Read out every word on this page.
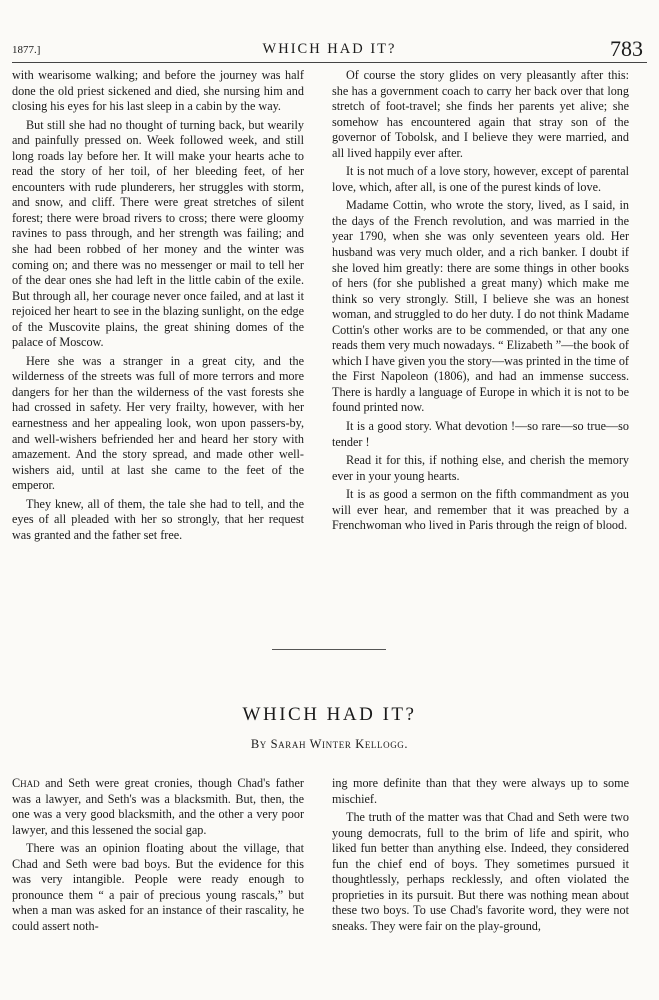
1877.]	WHICH HAD IT?	783

with wearisome walking; and before the journey was half done the old priest sickened and died, she nursing him and closing his eyes for his last sleep in a cabin by the way.

But still she had no thought of turning back, but wearily and painfully pressed on. Week followed week, and still long roads lay before her. It will make your hearts ache to read the story of her toil, of her bleeding feet, of her encounters with rude plunderers, her struggles with storm, and snow, and cliff. There were great stretches of silent forest; there were broad rivers to cross; there were gloomy ravines to pass through, and her strength was failing; and she had been robbed of her money and the winter was coming on; and there was no messenger or mail to tell her of the dear ones she had left in the little cabin of the exile. But through all, her courage never once failed, and at last it rejoiced her heart to see in the blazing sunlight, on the edge of the Muscovite plains, the great shining domes of the palace of Moscow.

Here she was a stranger in a great city, and the wilderness of the streets was full of more terrors and more dangers for her than the wilderness of the vast forests she had crossed in safety. Her very frailty, however, with her earnestness and her appealing look, won upon passers-by, and well-wishers befriended her and heard her story with amazement. And the story spread, and made other well-wishers aid, until at last she came to the feet of the emperor.

They knew, all of them, the tale she had to tell, and the eyes of all pleaded with her so strongly, that her request was granted and the father set free.

Of course the story glides on very pleasantly after this: she has a government coach to carry her back over that long stretch of foot-travel; she finds her parents yet alive; she somehow has encountered again that stray son of the governor of Tobolsk, and I believe they were married, and all lived happily ever after.

It is not much of a love story, however, except of parental love, which, after all, is one of the purest kinds of love.

Madame Cottin, who wrote the story, lived, as I said, in the days of the French revolution, and was married in the year 1790, when she was only seventeen years old. Her husband was very much older, and a rich banker. I doubt if she loved him greatly: there are some things in other books of hers (for she published a great many) which make me think so very strongly. Still, I believe she was an honest woman, and struggled to do her duty. I do not think Madame Cottin's other works are to be commended, or that any one reads them very much nowadays. “ Elizabeth ”—the book of which I have given you the story—was printed in the time of the First Napoleon (1806), and had an immense success. There is hardly a language of Europe in which it is not to be found printed now.

It is a good story. What devotion !—so rare—so true—so tender !

Read it for this, if nothing else, and cherish the memory ever in your young hearts.

It is as good a sermon on the fifth commandment as you will ever hear, and remember that it was preached by a Frenchwoman who lived in Paris through the reign of blood.

WHICH HAD IT?
By Sarah Winter Kellogg.

Chad and Seth were great cronies, though Chad's father was a lawyer, and Seth's was a blacksmith. But, then, the one was a very good blacksmith, and the other a very poor lawyer, and this lessened the social gap.

There was an opinion floating about the village, that Chad and Seth were bad boys. But the evidence for this was very intangible. People were ready enough to pronounce them “ a pair of precious young rascals,” but when a man was asked for an instance of their rascality, he could assert noth-

ing more definite than that they were always up to some mischief.

The truth of the matter was that Chad and Seth were two young democrats, full to the brim of life and spirit, who liked fun better than anything else. Indeed, they considered fun the chief end of boys. They sometimes pursued it thoughtlessly, perhaps recklessly, and often violated the proprieties in its pursuit. But there was nothing mean about these two boys. To use Chad's favorite word, they were not sneaks. They were fair on the play-ground,
